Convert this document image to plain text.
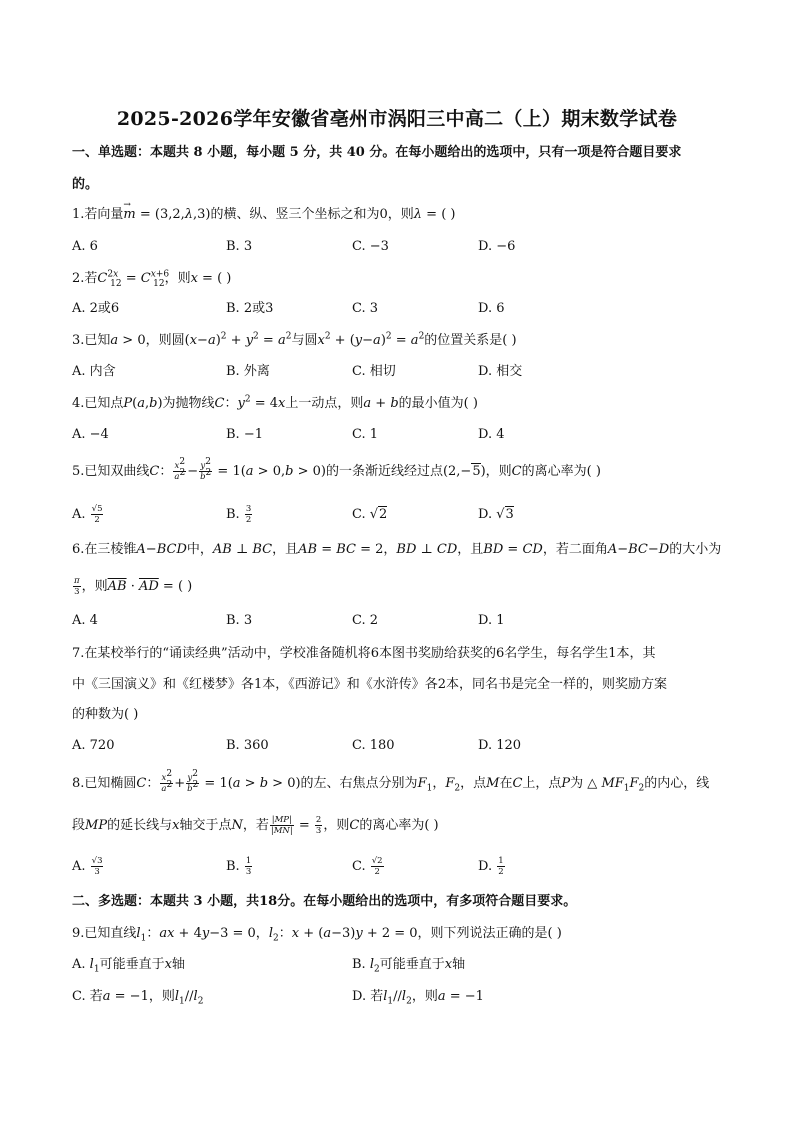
2025-2026学年安徽省亳州市涡阳三中高二（上）期末数学试卷
一、单选题：本题共 8 小题，每小题 5 分，共 40 分。在每小题给出的选项中，只有一项是符合题目要求
的。
1.若向量→ m = (3,2,λ,3)的横、纵、竖三个坐标之和为0，则λ = ( )
A. 6	B. 3	C. −3	D. −6
2.若$C^{2x}_{12} = C^{x+6}_{12}$，则x = ( )
A. 2或6	B. 2或3	C. 3	D. 6
3.已知a > 0，则圆$(x-a)^2 + y^2 = a^2$与圆$x^2 + (y-a)^2 = a^2$的位置关系是( )
A. 内含	B. 外离	C. 相切	D. 相交
4.已知点P(a,b)为抛物线C：$y^2 = 4x$上一动点，则a + b的最小值为( )
A. −4	B. −1	C. 1	D. 4
5.已知双曲线C： $\frac{x^2}{a^2} - \frac{y^2}{b^2} = 1(a > 0,b > 0)$的一条渐近线经过点(2,−5)，则C的离心率为( )
A. $\frac{√5}{2}$	B. $\frac{3}{2}$	C. √2	D. √3
6.在三棱锥A−BCD中，AB ⊥ BC，且AB = BC = 2，BD ⊥ CD，且BD = CD，若二面角A−BC−D的大小为
$\frac{\pi}{3}$ ，则$\overline{AB} \cdot \overline{AD}$ = ( )
A. 4	B. 3	C. 2	D. 1
7.在某校举行的“诵读经典”活动中，学校准备随机将6本图书奖励给获奖的6名学生，每名学生1本，其
中《三国演义》和《红楼梦》各1本，《西游记》和《水浒传》各2本，同名书是完全一样的，则奖励方案
的种数为( )
A. 720	B. 360	C. 180	D. 120
8.已知椭圆C： $\frac{x^2}{a^2} + \frac{y^2}{b^2} = 1(a > b > 0)$的左、右焦点分别为$F_1$，$F_2$，点M在C上，点P为 △ $MF_1F_2$的内心，线
段MP的延长线与x轴交于点N，若 $\frac{|MP|}{|MN|} = \frac{2}{3}$ ，则C的离心率为( )
A. $\frac{√3}{3}$	B. $\frac{1}{3}$	C. $\frac{√2}{2}$	D. $\frac{1}{2}$
二、多选题：本题共 3 小题，共18分。在每小题给出的选项中，有多项符合题目要求。
9.已知直线$l_1$：ax + 4y−3 = 0，$l_2$：x + (a−3)y + 2 = 0，则下列说法正确的是( )
A. $l_1$可能垂直于x轴	B. $l_2$可能垂直于x轴
C. 若a = −1，则$l_1//l_2$	D. 若$l_1//l_2$，则a = −1
